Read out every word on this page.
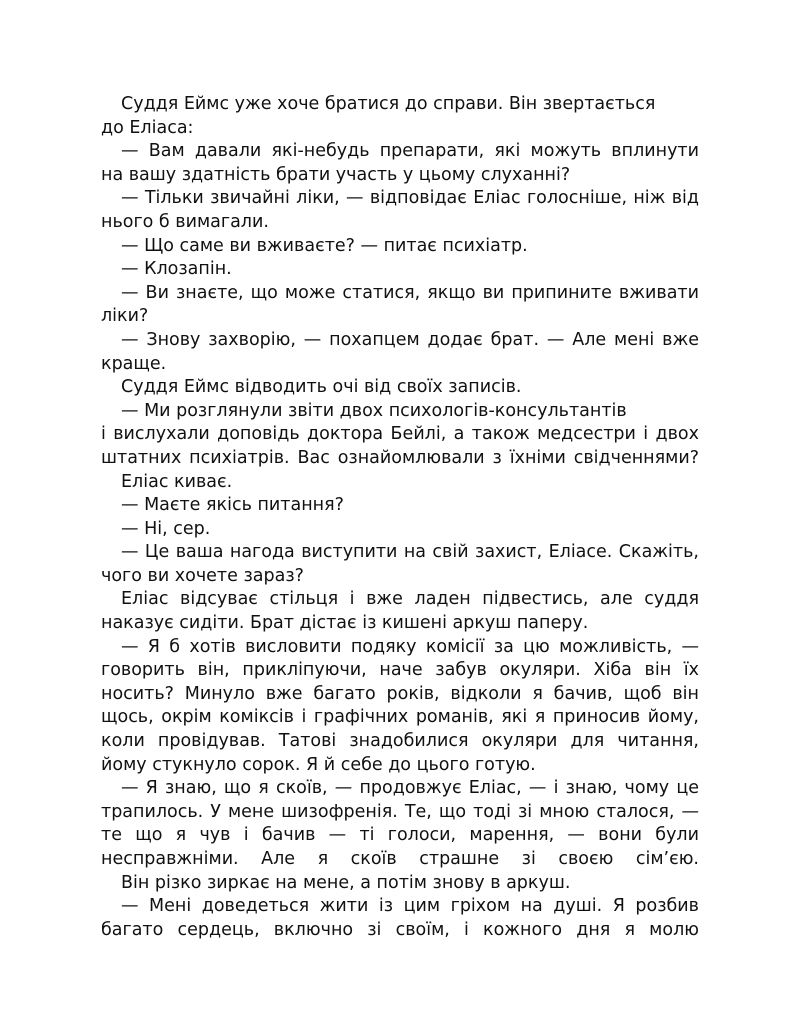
Суддя Еймс уже хоче братися до справи. Він звертається
до Еліаса:
— Вам давали які-небудь препарати, які можуть вплинути
на вашу здатність брати участь у цьому слуханні?
— Тільки звичайні ліки, — відповідає Еліас голосніше, ніж від
нього б вимагали.
— Що саме ви вживаєте? — питає психіатр.
— Клозапін.
— Ви знаєте, що може статися, якщо ви припините вживати
ліки?
— Знову захворію, — похапцем додає брат. — Але мені вже
краще.
Суддя Еймс відводить очі від своїх записів.
— Ми розглянули звіти двох психологів-консультантів
і вислухали доповідь доктора Бейлі, а також медсестри і двох
штатних психіатрів. Вас ознайомлювали з їхніми свідченнями?
Еліас киває.
— Маєте якісь питання?
— Ні, сер.
— Це ваша нагода виступити на свій захист, Еліасе. Скажіть,
чого ви хочете зараз?
Еліас відсуває стільця і вже ладен підвестись, але суддя
наказує сидіти. Брат дістає із кишені аркуш паперу.
— Я б хотів висловити подяку комісії за цю можливість, —
говорить він, прикліпуючи, наче забув окуляри. Хіба він їх
носить? Минуло вже багато років, відколи я бачив, щоб він
щось, окрім коміксів і графічних романів, які я приносив йому,
коли провідував. Татові знадобилися окуляри для читання,
йому стукнуло сорок. Я й себе до цього готую.
— Я знаю, що я скоїв, — продовжує Еліас, — і знаю, чому це
трапилось. У мене шизофренія. Те, що тоді зі мною сталося, —
те що я чув і бачив — ті голоси, марення, — вони були
несправжніми. Але я скоїв страшне зі своєю сім’єю.
Він різко зиркає на мене, а потім знову в аркуш.
— Мені доведеться жити із цим гріхом на душі. Я розбив
багато сердець, включно зі своїм, і кожного дня я молю
